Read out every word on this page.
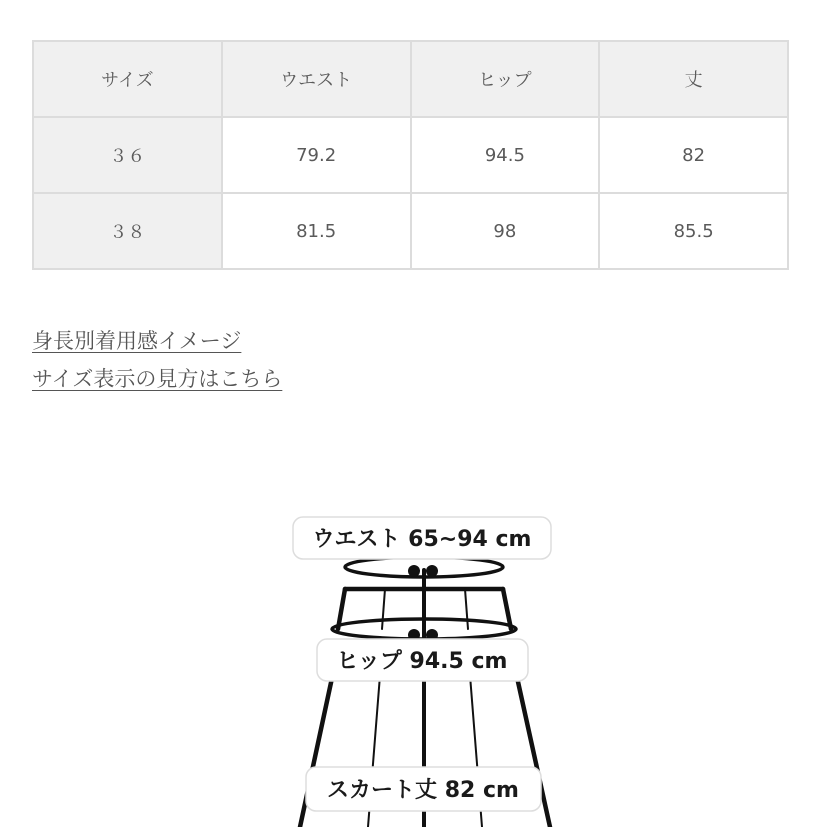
サイズ	ウエスト	ヒップ	丈
３６	79.2	94.5	82
３８	81.5	98	85.5
身長別着用感イメージ
サイズ表示の見方はこちら
ウエスト 65~94 cm
ヒップ 94.5 cm
スカート丈 82 cm
